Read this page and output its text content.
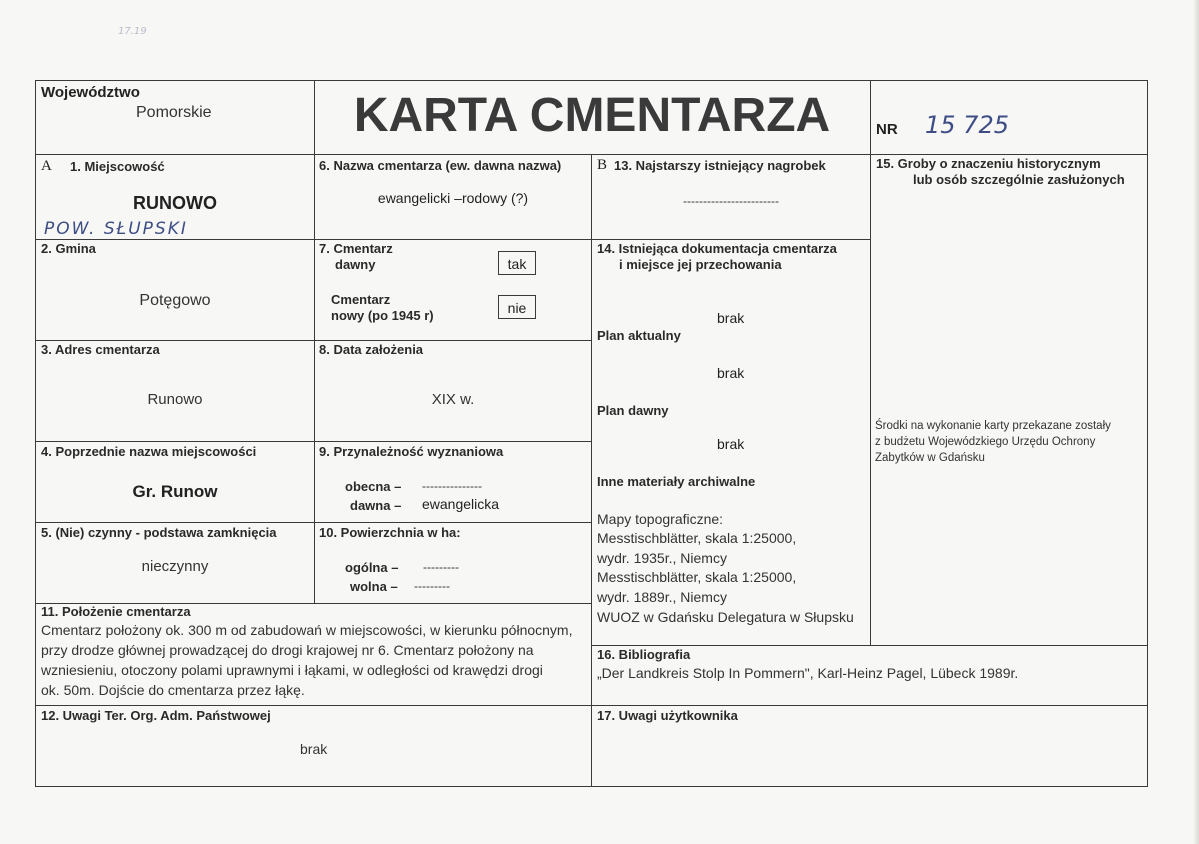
17.19
Województwo
Pomorskie	KARTA CMENTARZA	NR 15 725
A 1. Miejscowość
RUNOWO
POW. SŁUPSKI
2. Gmina
Potęgowo
3. Adres cmentarza
Runowo
4. Poprzednie nazwa miejscowości
Gr. Runow
5. (Nie) czynny - podstawa zamknięcia
nieczynny
6. Nazwa cmentarza (ew. dawna nazwa)
ewangelicki –rodowy (?)
7. Cmentarz
dawny	tak
Cmentarz
nowy (po 1945 r)	nie
8. Data założenia
XIX w.
9. Przynależność wyznaniowa
obecna – ---------------
dawna – ewangelicka
10. Powierzchnia w ha:
ogólna – ---------
wolna – ---------
11. Położenie cmentarza
Cmentarz położony ok. 300 m od zabudowań w miejscowości, w kierunku północnym,
przy drodze głównej prowadzącej do drogi krajowej nr 6. Cmentarz położony na
wzniesieniu, otoczony polami uprawnymi i łąkami, w odległości od krawędzi drogi
ok. 50m. Dojście do cmentarza przez łąkę.
12. Uwagi Ter. Org. Adm. Państwowej
brak
B 13. Najstarszy istniejący nagrobek
------------------------
14. Istniejąca dokumentacja cmentarza
i miejsce jej przechowania
brak
Plan aktualny
brak
Plan dawny
brak
Inne materiały archiwalne
Mapy topograficzne:
Messtischblätter, skala 1:25000,
wydr. 1935r., Niemcy
Messtischblätter, skala 1:25000,
wydr. 1889r., Niemcy
WUOZ w Gdańsku Delegatura w Słupsku
15. Groby o znaczeniu historycznym
lub osób szczególnie zasłużonych
Środki na wykonanie karty przekazane zostały
z budżetu Wojewódzkiego Urzędu Ochrony
Zabytków w Gdańsku
16. Bibliografia
„Der Landkreis Stolp In Pommern", Karl-Heinz Pagel, Lübeck 1989r.
17. Uwagi użytkownika
